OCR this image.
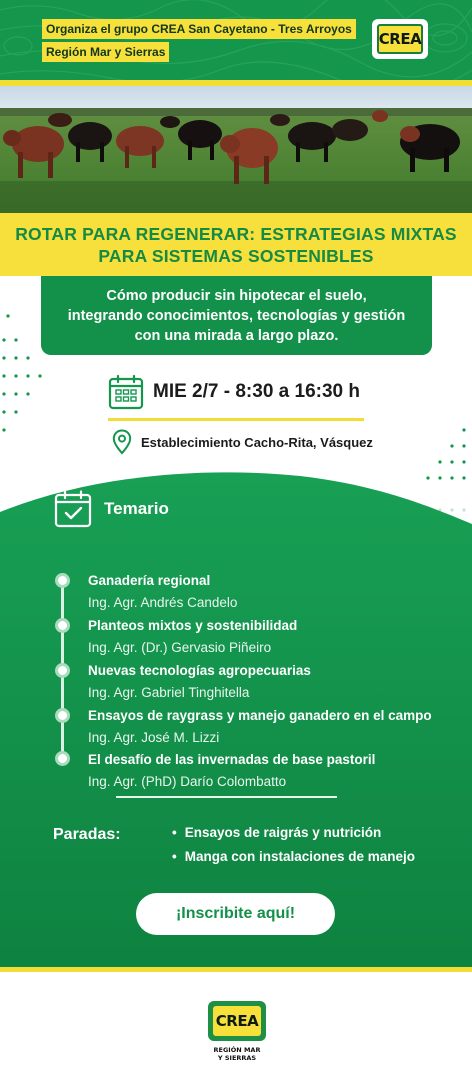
Organiza el grupo CREA San Cayetano - Tres Arroyos
Región Mar y Sierras
CREA
ROTAR PARA REGENERAR: ESTRATEGIAS MIXTAS
PARA SISTEMAS SOSTENIBLES
Cómo producir sin hipotecar el suelo,
integrando conocimientos, tecnologías y gestión
con una mirada a largo plazo.
MIE 2/7 - 8:30 a 16:30 h
Establecimiento Cacho-Rita, Vásquez
Temario
Ganadería regional
Ing. Agr. Andrés Candelo
Planteos mixtos y sostenibilidad
Ing. Agr. (Dr.) Gervasio Piñeiro
Nuevas tecnologías agropecuarias
Ing. Agr. Gabriel Tinghitella
Ensayos de raygrass y manejo ganadero en el campo
Ing. Agr. José M. Lizzi
El desafío de las invernadas de base pastoril
Ing. Agr. (PhD) Darío Colombatto
Paradas:
•	Ensayos de raigrás y nutrición
• Manga con instalaciones de manejo
¡Inscribite aquí!
CREA
REGIÓN MAR
Y SIERRAS
